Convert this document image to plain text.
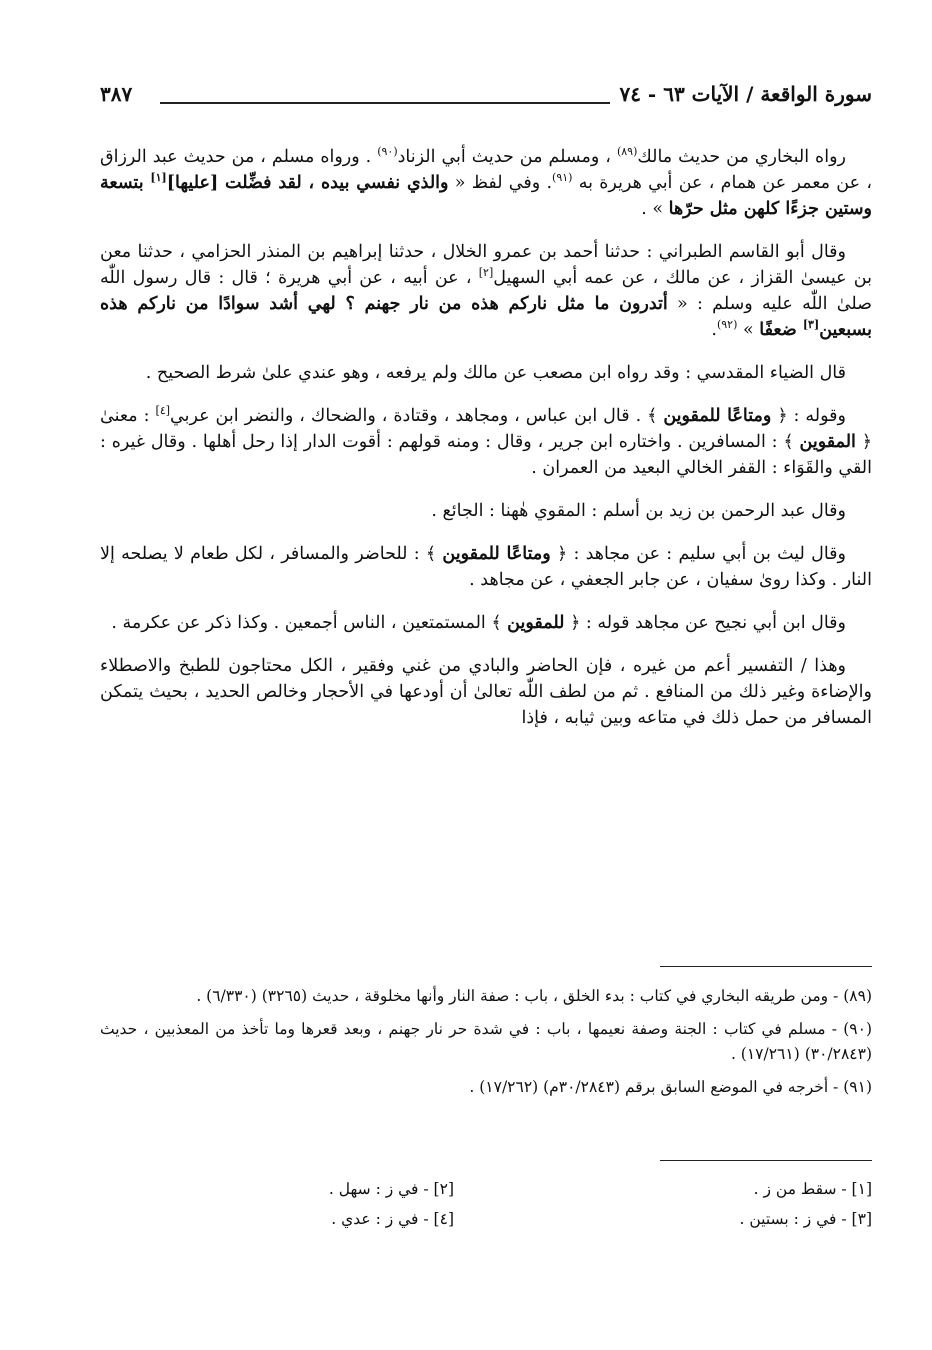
سورة الواقعة / الآيات ٦٣ - ٧٤
٣٨٧

رواه البخاري من حديث مالك$^{(٨٩)}$ ، ومسلم من حديث أبي الزناد$^{(٩٠)}$ . ورواه مسلم ، من حديث عبد الرزاق ، عن معمر عن همام ، عن أبي هريرة به $^{(٩١)}$. وفي لفظ « والذي نفسي بيده ، لقد فضِّلت [عليها][١] بتسعة وستين جزءًا كلهن مثل حرّها » .

وقال أبو القاسم الطبراني : حدثنا أحمد بن عمرو الخلال ، حدثنا إبراهيم بن المنذر الحزامي ، حدثنا معن بن عيسىٰ القزاز ، عن مالك ، عن عمه أبي السهيل[٢] ، عن أبيه ، عن أبي هريرة ؛ قال : قال رسول اللّٰه صلىٰ اللّٰه عليه وسلم : « أتدرون ما مثل ناركم هذه من نار جهنم ؟ لهي أشد سوادًا من ناركم هذه بسبعين[٣] ضعفًا » $^{(٩٢)}$.

قال الضياء المقدسي : وقد رواه ابن مصعب عن مالك ولم يرفعه ، وهو عندي علىٰ شرط الصحيح .

وقوله : ﴿ ومتاعًا للمقوين ﴾ . قال ابن عباس ، ومجاهد ، وقتادة ، والضحاك ، والنضر ابن عربي[٤] : معنىٰ ﴿ المقوين ﴾ : المسافرين . واختاره ابن جرير ، وقال : ومنه قولهم : أقوت الدار إذا رحل أهلها . وقال غيره : القي والقَوَاء : القفر الخالي البعيد من العمران .

وقال عبد الرحمن بن زيد بن أسلم : المقوي هٰهنا : الجائع .

وقال ليث بن أبي سليم : عن مجاهد : ﴿ ومتاعًا للمقوين ﴾ : للحاضر والمسافر ، لكل طعام لا يصلحه إلا النار . وكذا روىٰ سفيان ، عن جابر الجعفي ، عن مجاهد .

وقال ابن أبي نجيح عن مجاهد قوله : ﴿ للمقوين ﴾ المستمتعين ، الناس أجمعين . وكذا ذكر عن عكرمة .

وهذا / التفسير أعم من غيره ، فإن الحاضر والبادي من غني وفقير ، الكل محتاجون للطبخ والاصطلاء والإضاءة وغير ذلك من المنافع . ثم من لطف اللّٰه تعالىٰ أن أودعها في الأحجار وخالص الحديد ، بحيث يتمكن المسافر من حمل ذلك في متاعه وبين ثيابه ، فإذا

(٨٩) - ومن طريقه البخاري في كتاب : بدء الخلق ، باب : صفة النار وأنها مخلوقة ، حديث (٣٢٦٥) (٦/٣٣٠) .

(٩٠) - مسلم في كتاب : الجنة وصفة نعيمها ، باب : في شدة حر نار جهنم ، وبعد قعرها وما تأخذ من المعذبين ، حديث (٣٠/٢٨٤٣) (١٧/٢٦١) .

(٩١) - أخرجه في الموضع السابق برقم (٣٠/٢٨٤٣م) (١٧/٢٦٢) .

[١] - سقط من ز .
[٣] - في ز : بستين .
[٢] - في ز : سهل .
[٤] - في ز : عدي .
